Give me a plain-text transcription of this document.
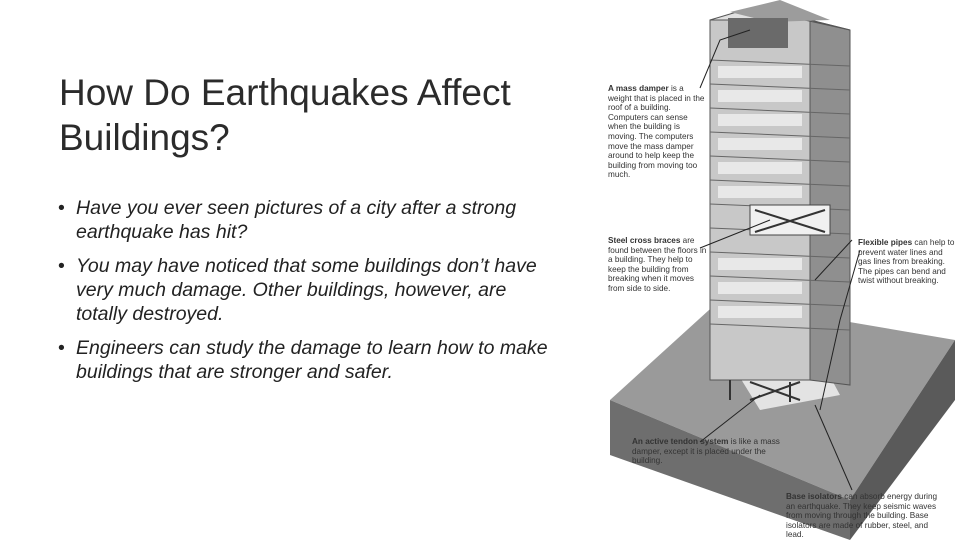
How Do Earthquakes Affect Buildings?
• Have you ever seen pictures of a city after a strong earthquake has hit?
• You may have noticed that some buildings don’t have very much damage. Other buildings, however, are totally destroyed.
• Engineers can study the damage to learn how to make buildings that are stronger and safer.

A mass damper is a weight that is placed in the roof of a building. Computers can sense when the building is moving. The computers move the mass damper around to help keep the building from moving too much.

Steel cross braces are found between the floors in a building. They help to keep the building from breaking when it moves from side to side.

Flexible pipes can help to prevent water lines and gas lines from breaking. The pipes can bend and twist without breaking.

An active tendon system is like a mass damper, except it is placed under the building.

Base isolators can absorb energy during an earthquake. They keep seismic waves from moving through the building. Base isolators are made of rubber, steel, and lead.
